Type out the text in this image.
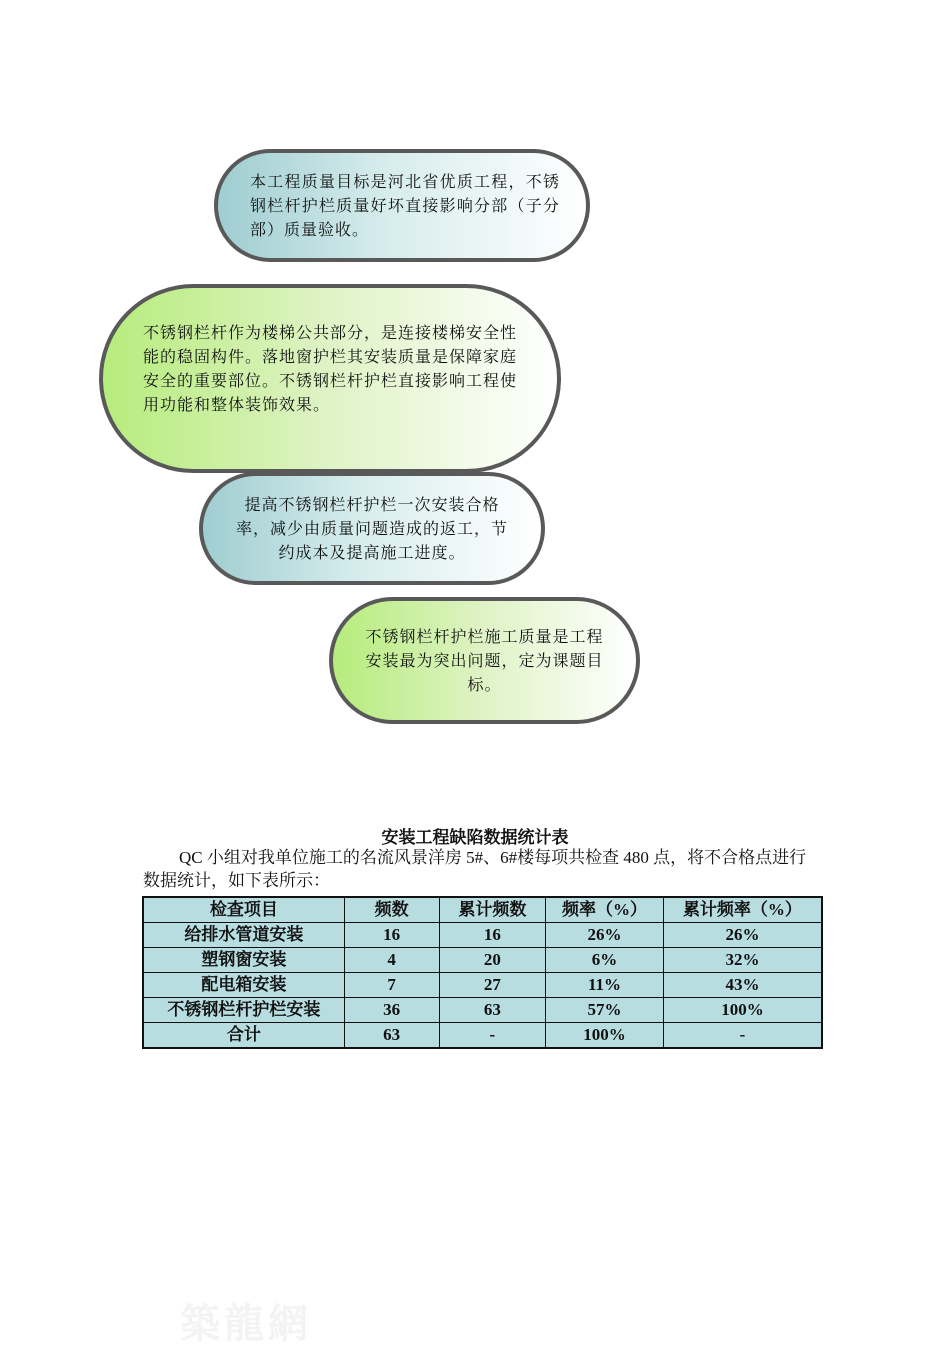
本工程质量目标是河北省优质工程，不锈钢栏杆护栏质量好坏直接影响分部（子分部）质量验收。
不锈钢栏杆作为楼梯公共部分，是连接楼梯安全性能的稳固构件。落地窗护栏其安装质量是保障家庭安全的重要部位。不锈钢栏杆护栏直接影响工程使用功能和整体装饰效果。
提高不锈钢栏杆护栏一次安装合格率，减少由质量问题造成的返工，节约成本及提高施工进度。
不锈钢栏杆护栏施工质量是工程安装最为突出问题，定为课题目标。
安装工程缺陷数据统计表
QC 小组对我单位施工的名流风景洋房 5#、6#楼每项共检查 480 点，将不合格点进行数据统计，如下表所示：
检查项目	频数	累计频数	频率（%）	累计频率（%）
给排水管道安装	16	16	26%	26%
塑钢窗安装	4	20	6%	32%
配电箱安装	7	27	11%	43%
不锈钢栏杆护栏安装	36	63	57%	100%
合计	63	-	100%	-
築龍網
